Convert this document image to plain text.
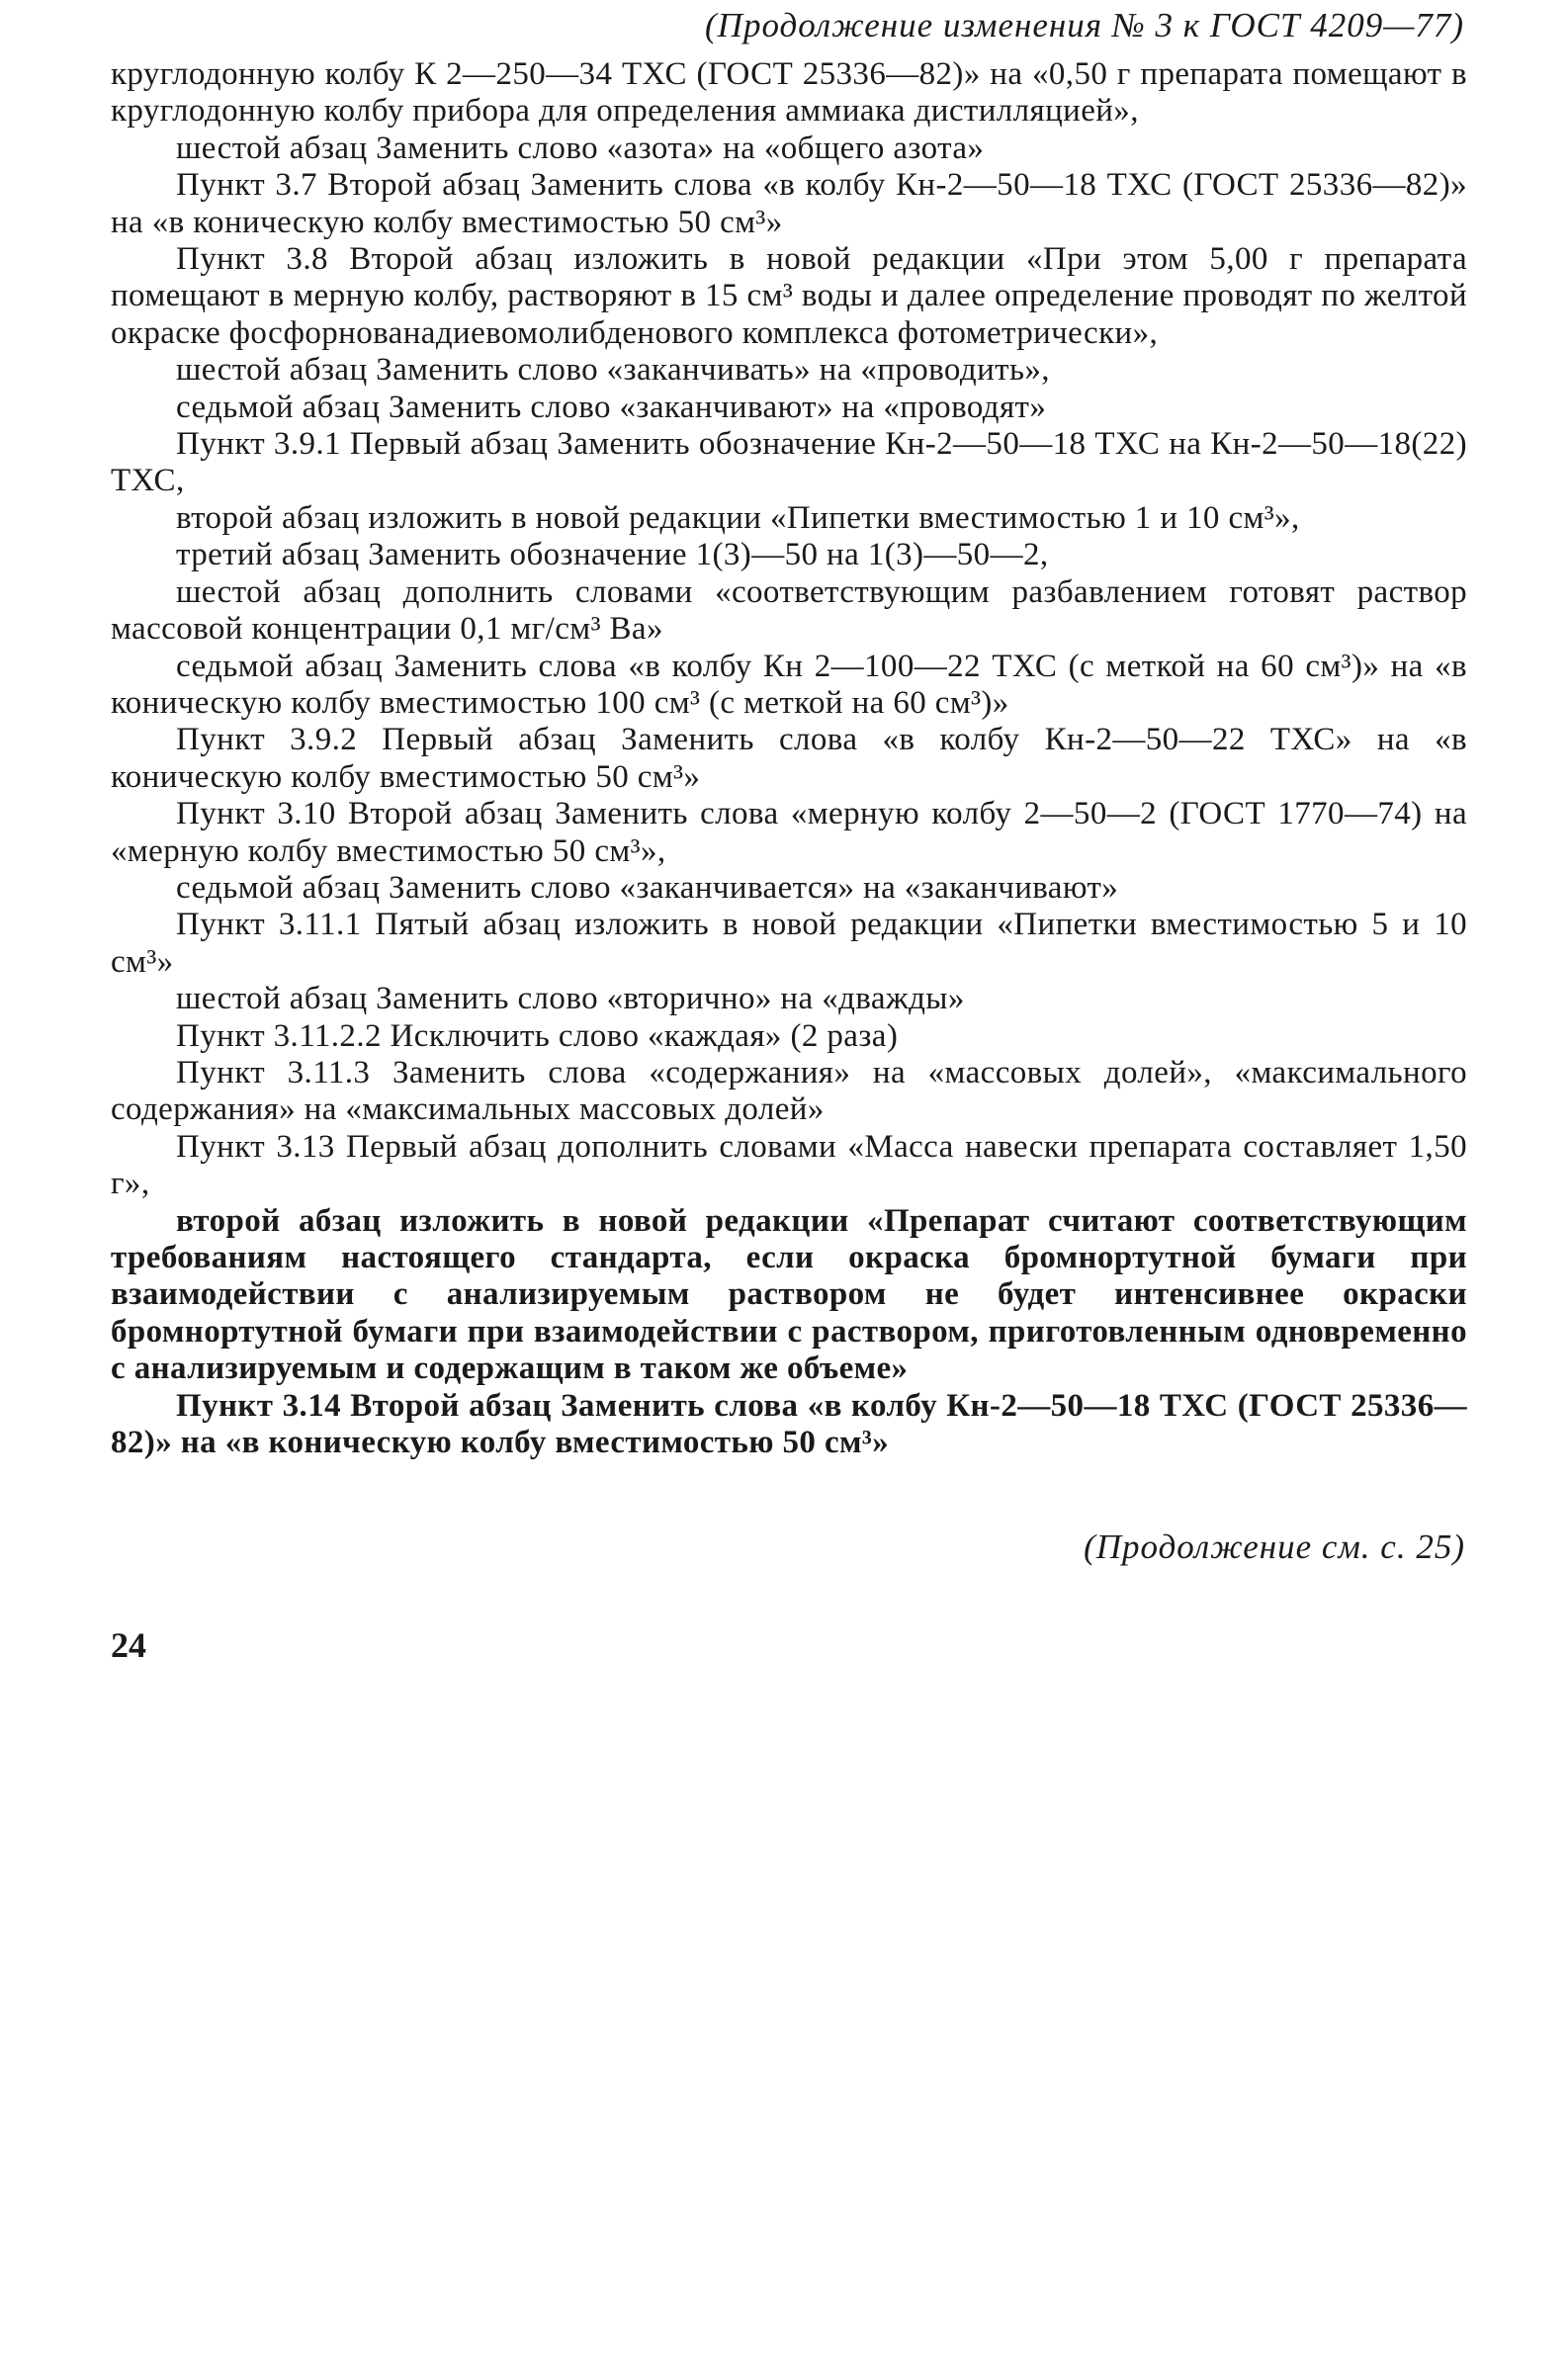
(Продолжение изменения № 3 к ГОСТ 4209—77)

круглодонную колбу К 2—250—34 ТХС (ГОСТ 25336—82)» на «0,50 г препарата помещают в круглодонную колбу прибора для определения аммиака дистилляцией»,

шестой абзац Заменить слово «азота» на «общего азота»

Пункт 3.7 Второй абзац Заменить слова «в колбу Кн-2—50—18 ТХС (ГОСТ 25336—82)» на «в коническую колбу вместимостью 50 см³»

Пункт 3.8 Второй абзац изложить в новой редакции «При этом 5,00 г препарата помещают в мерную колбу, растворяют в 15 см³ воды и далее определение проводят по желтой окраске фосфорнованадиевомолибденового комплекса фотометрически»,

шестой абзац Заменить слово «заканчивать» на «проводить»,

седьмой абзац Заменить слово «заканчивают» на «проводят»

Пункт 3.9.1 Первый абзац Заменить обозначение Кн-2—50—18 ТХС на Кн-2—50—18(22) ТХС,

второй абзац изложить в новой редакции «Пипетки вместимостью 1 и 10 см³»,

третий абзац Заменить обозначение 1(3)—50 на 1(3)—50—2,

шестой абзац дополнить словами «соответствующим разбавлением готовят раствор массовой концентрации 0,1 мг/см³ Ва»

седьмой абзац Заменить слова «в колбу Кн 2—100—22 ТХС (с меткой на 60 см³)» на «в коническую колбу вместимостью 100 см³ (с меткой на 60 см³)»

Пункт 3.9.2 Первый абзац Заменить слова «в колбу Кн-2—50—22 ТХС» на «в коническую колбу вместимостью 50 см³»

Пункт 3.10 Второй абзац Заменить слова «мерную колбу 2—50—2 (ГОСТ 1770—74) на «мерную колбу вместимостью 50 см³»,

седьмой абзац Заменить слово «заканчивается» на «заканчивают»

Пункт 3.11.1 Пятый абзац изложить в новой редакции «Пипетки вместимостью 5 и 10 см³»

шестой абзац Заменить слово «вторично» на «дважды»

Пункт 3.11.2.2 Исключить слово «каждая» (2 раза)

Пункт 3.11.3 Заменить слова «содержания» на «массовых долей», «максимального содержания» на «максимальных массовых долей»

Пункт 3.13 Первый абзац дополнить словами «Масса навески препарата составляет 1,50 г»,

второй абзац изложить в новой редакции «Препарат считают соответствующим требованиям настоящего стандарта, если окраска бромнортутной бумаги при взаимодействии с анализируемым раствором не будет интенсивнее окраски бромнортутной бумаги при взаимодействии с раствором, приготовленным одновременно с анализируемым и содержащим в таком же объеме»

Пункт 3.14 Второй абзац Заменить слова «в колбу Кн-2—50—18 ТХС (ГОСТ 25336—82)» на «в коническую колбу вместимостью 50 см³»

(Продолжение см. с. 25)
24
